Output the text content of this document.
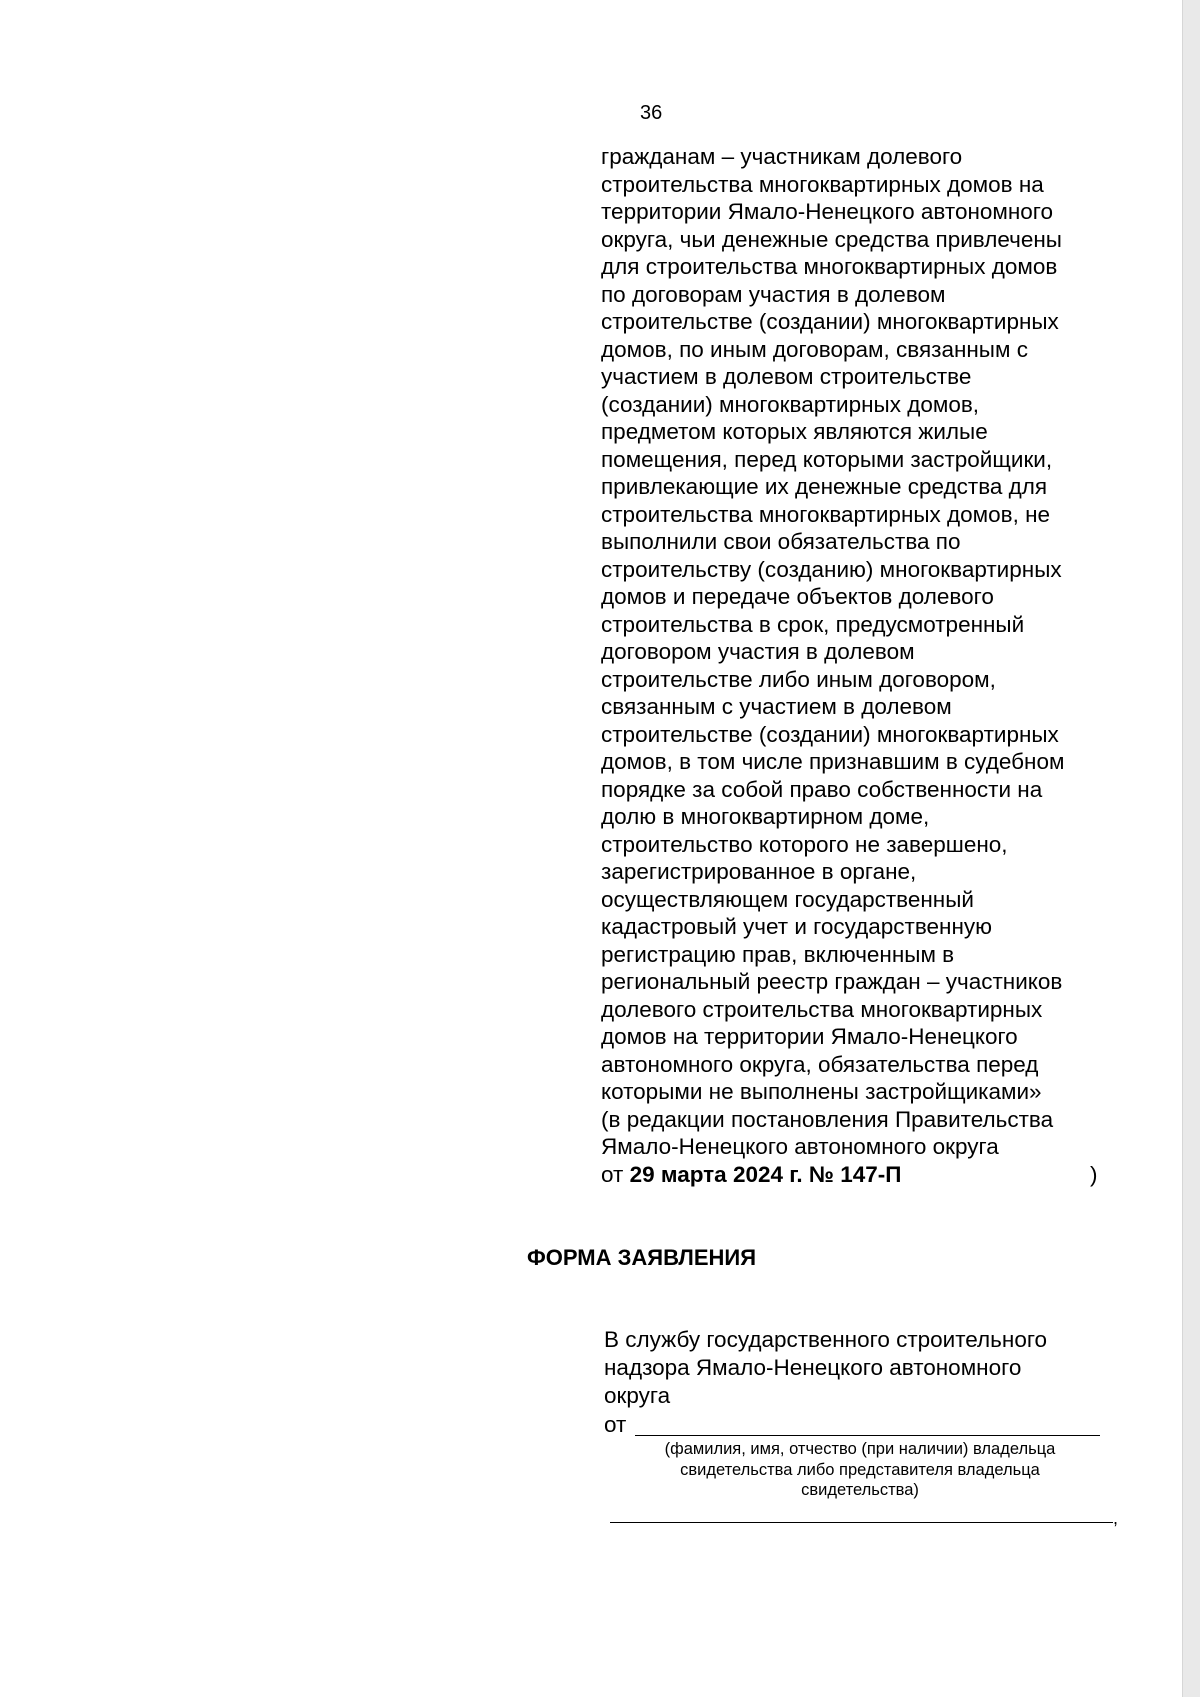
36

гражданам – участникам долевого

строительства многоквартирных домов на

территории Ямало-Ненецкого автономного

округа, чьи денежные средства привлечены

для строительства многоквартирных домов

по договорам участия в долевом

строительстве (создании) многоквартирных

домов, по иным договорам, связанным с

участием в долевом строительстве

(создании) многоквартирных домов,

предметом которых являются жилые

помещения, перед которыми застройщики,

привлекающие их денежные средства для

строительства многоквартирных домов, не

выполнили свои обязательства по

строительству (созданию) многоквартирных

домов и передаче объектов долевого

строительства в срок, предусмотренный

договором участия в долевом

строительстве либо иным договором,

связанным с участием в долевом

строительстве (создании) многоквартирных

домов, в том числе признавшим в судебном

порядке за собой право собственности на

долю в многоквартирном доме,

строительство которого не завершено,

зарегистрированное в органе,

осуществляющем государственный

кадастровый учет и государственную

регистрацию прав, включенным в

региональный реестр граждан – участников

долевого строительства многоквартирных

домов на территории Ямало-Ненецкого

автономного округа, обязательства перед

которыми не выполнены застройщиками»

(в редакции постановления Правительства

Ямало-Ненецкого автономного округа

от 29 марта 2024 г. № 147-П	)

ФОРМА ЗАЯВЛЕНИЯ

В службу государственного строительного

надзора Ямало-Ненецкого автономного

округа

от

(фамилия, имя, отчество (при наличии) владельца

свидетельства либо представителя владельца

свидетельства)

,
